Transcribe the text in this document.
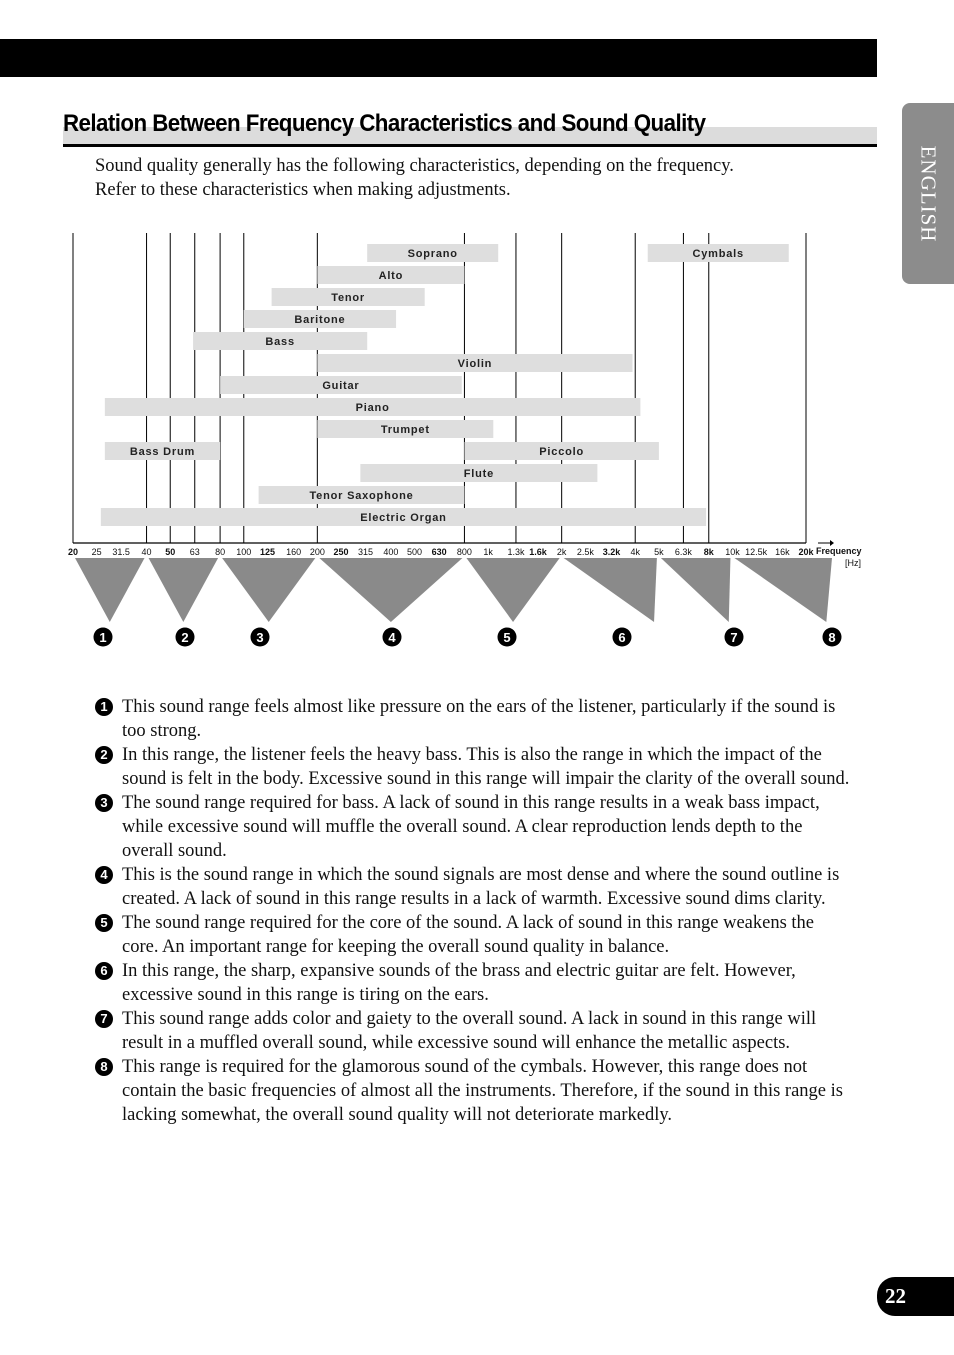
ENGLISH
Relation Between Frequency Characteristics and Sound Quality

Sound quality generally has the following characteristics, depending on the frequency.

Refer to these characteristics when making adjustments.

Soprano	Cymbals
Alto
Tenor
Baritone
Bass
Violin
Guitar
Piano
Trumpet
Bass Drum	Piccolo
Flute
Tenor Saxophone
Electric Organ
20 25 31.5 40 50 63 80 100 125 160 200 250 315 400 500 630 800 1k 1.3k 1.6k 2k 2.5k 3.2k 4k 5k 6.3k 8k 10k 12.5k 16k 20k Frequency
[Hz]
1	2	3	4	5	6	7	8
1 This sound range feels almost like pressure on the ears of the listener, particularly if the sound is too strong.
2 In this range, the listener feels the heavy bass. This is also the range in which the impact of the sound is felt in the body. Excessive sound in this range will impair the clarity of the overall sound.
3 The sound range required for bass. A lack of sound in this range results in a weak bass impact, while excessive sound will muffle the overall sound. A clear reproduction lends depth to the overall sound.
4 This is the sound range in which the sound signals are most dense and where the sound outline is created. A lack of sound in this range results in a lack of warmth. Excessive sound dims clarity.
5 The sound range required for the core of the sound. A lack of sound in this range weakens the core. An important range for keeping the overall sound quality in balance.
6 In this range, the sharp, expansive sounds of the brass and electric guitar are felt. However, excessive sound in this range is tiring on the ears.
7 This sound range adds color and gaiety to the overall sound. A lack in sound in this range will result in a muffled overall sound, while excessive sound will enhance the metallic aspects.
8 This range is required for the glamorous sound of the cymbals. However, this range does not contain the basic frequencies of almost all the instruments. Therefore, if the sound in this range is lacking somewhat, the overall sound quality will not deteriorate markedly.
22
